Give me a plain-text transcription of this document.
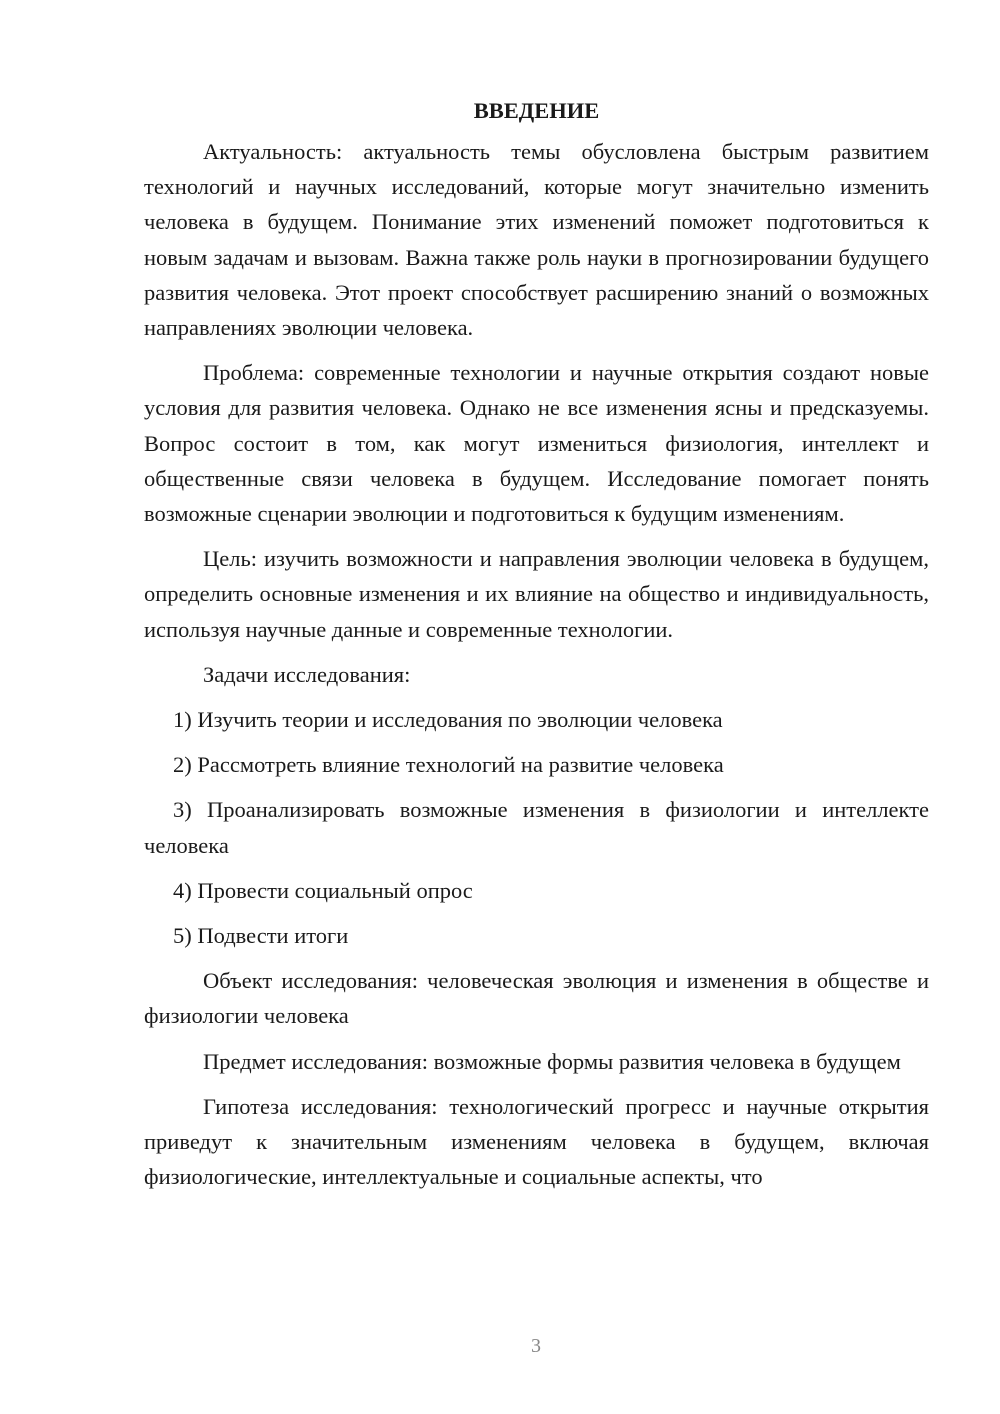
ВВЕДЕНИЕ

Актуальность: актуальность темы обусловлена быстрым развитием технологий и научных исследований, которые могут значительно изменить человека в будущем. Понимание этих изменений поможет подготовиться к новым задачам и вызовам. Важна также роль науки в прогнозировании будущего развития человека. Этот проект способствует расширению знаний о возможных направлениях эволюции человека.

Проблема: современные технологии и научные открытия создают новые условия для развития человека. Однако не все изменения ясны и предсказуемы. Вопрос состоит в том, как могут измениться физиология, интеллект и общественные связи человека в будущем. Исследование помогает понять возможные сценарии эволюции и подготовиться к будущим изменениям.

Цель: изучить возможности и направления эволюции человека в будущем, определить основные изменения и их влияние на общество и индивидуальность, используя научные данные и современные технологии.

Задачи исследования:

1) Изучить теории и исследования по эволюции человека

2) Рассмотреть влияние технологий на развитие человека

3) Проанализировать возможные изменения в физиологии и интеллекте человека

4) Провести социальный опрос

5) Подвести итоги

Объект исследования: человеческая эволюция и изменения в обществе и физиологии человека

Предмет исследования: возможные формы развития человека в будущем

Гипотеза исследования: технологический прогресс и научные открытия приведут к значительным изменениям человека в будущем, включая физиологические, интеллектуальные и социальные аспекты, что

3
